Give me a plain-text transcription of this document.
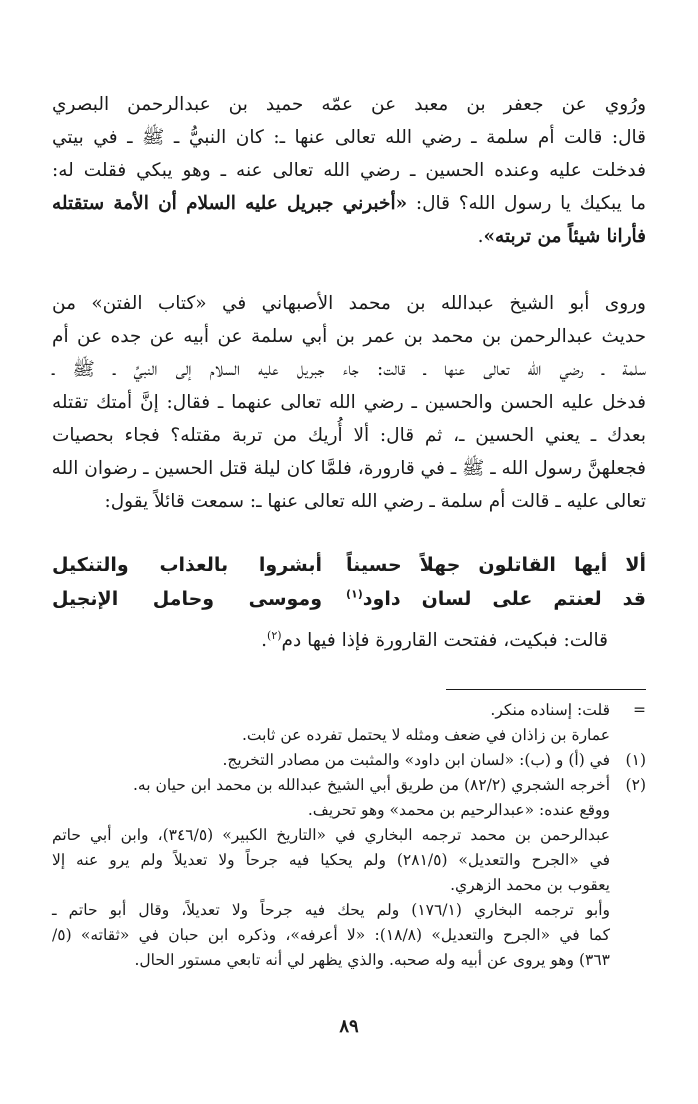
ورُوي عن جعفر بن معبد عن عمّه حميد بن عبدالرحمن البصري
قال: قالت أم سلمة ـ رضي الله تعالى عنها ـ: كان النبيُّ ـ ﷺ ـ في بيتي
فدخلت عليه وعنده الحسين ـ رضي الله تعالى عنه ـ وهو يبكي فقلت له:
ما يبكيك يا رسول الله؟ قال: «أخبرني جبريل عليه السلام أن الأمة ستقتله
فأرانا شيئاً من تربته».

وروى أبو الشيخ عبدالله بن محمد الأصبهاني في «كتاب الفتن» من
حديث عبدالرحمن بن محمد بن عمر بن أبي سلمة عن أبيه عن جده عن أم
سلمة ـ رضي الله تعالى عنها ـ قالت: جاء جبريل عليه السلام إلى النبيِّ ـ ﷺ ـ
فدخل عليه الحسن والحسين ـ رضي الله تعالى عنهما ـ فقال: إنَّ أمتك تقتله
بعدك ـ يعني الحسين ـ، ثم قال: ألا أُريك من تربة مقتله؟ فجاء بحصيات
فجعلهنَّ رسول الله ـ ﷺ ـ في قارورة، فلمَّا كان ليلة قتل الحسين ـ رضوان الله
تعالى عليه ـ قالت أم سلمة ـ رضي الله تعالى عنها ـ: سمعت قائلاً يقول:

ألا أيها القاتلون جهلاً حسيناً
أبشروا بالعذاب والتنكيل
قد لعنتم على لسان داود$^{(١)}$
وموسى وحامل الإنجيل

قالت: فبكيت، ففتحت القارورة فإذا فيها دم$^{(٢)}$.

=
قلت: إسناده منكر.
عمارة بن زاذان في ضعف ومثله لا يحتمل تفرده عن ثابت.
(١)
في (أ) و (ب): «لسان ابن داود» والمثبت من مصادر التخريج.
(٢)
أخرجه الشجري (٨٢/٢) من طريق أبي الشيخ عبدالله بن محمد ابن حيان به.
ووقع عنده: «عبدالرحيم بن محمد» وهو تحريف.
عبدالرحمن بن محمد ترجمه البخاري في «التاريخ الكبير» (٣٤٦/٥)، وابن أبي حاتم
في «الجرح والتعديل» (٢٨١/٥) ولم يحكيا فيه جرحاً ولا تعديلاً ولم يرو عنه إلا
يعقوب بن محمد الزهري.
وأبو ترجمه البخاري (١٧٦/١) ولم يحك فيه جرحاً ولا تعديلاً، وقال أبو حاتم ـ
كما في «الجرح والتعديل» (١٨/٨): «لا أعرفه»، وذكره ابن حبان في «ثقاته» (٥/
٣٦٣) وهو يروى عن أبيه وله صحبه. والذي يظهر لي أنه تابعي مستور الحال.
٨٩
